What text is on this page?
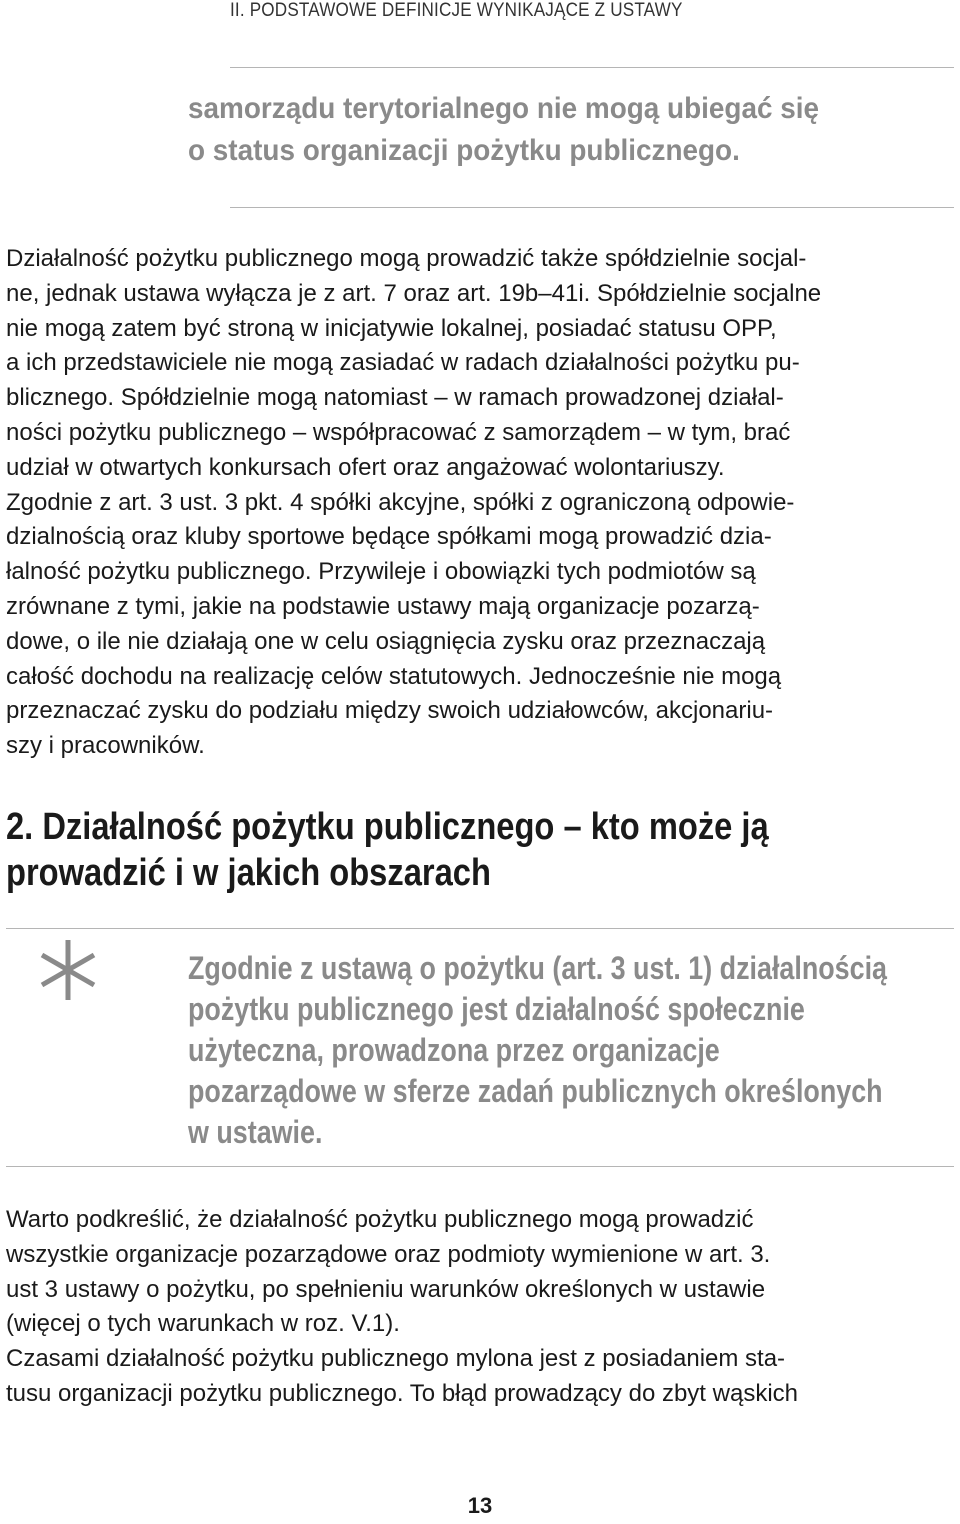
II. PODSTAWOWE DEFINICJE WYNIKAJĄCE Z USTAWY
samorządu terytorialnego nie mogą ubiegać się
o status organizacji pożytku publicznego.
Działalność pożytku publicznego mogą prowadzić także spółdzielnie socjal-
ne, jednak ustawa wyłącza je z art. 7 oraz art. 19b–41i. Spółdzielnie socjalne
nie mogą zatem być stroną w inicjatywie lokalnej, posiadać statusu OPP,
a ich przedstawiciele nie mogą zasiadać w radach działalności pożytku pu-
blicznego. Spółdzielnie mogą natomiast – w ramach prowadzonej działal-
ności pożytku publicznego – współpracować z samorządem – w tym, brać
udział w otwartych konkursach ofert oraz angażować wolontariuszy.
Zgodnie z art. 3 ust. 3 pkt. 4 spółki akcyjne, spółki z ograniczoną odpowie-
dzialnością oraz kluby sportowe będące spółkami mogą prowadzić dzia-
łalność pożytku publicznego. Przywileje i obowiązki tych podmiotów są
zrównane z tymi, jakie na podstawie ustawy mają organizacje pozarzą-
dowe, o ile nie działają one w celu osiągnięcia zysku oraz przeznaczają
całość dochodu na realizację celów statutowych. Jednocześnie nie mogą
przeznaczać zysku do podziału między swoich udziałowców, akcjonariu-
szy i pracowników.
2. Działalność pożytku publicznego – kto może ją
prowadzić i w jakich obszarach
Zgodnie z ustawą o pożytku (art. 3 ust. 1) działalnością
pożytku publicznego jest działalność społecznie
użyteczna, prowadzona przez organizacje
pozarządowe w sferze zadań publicznych określonych
w ustawie.
Warto podkreślić, że działalność pożytku publicznego mogą prowadzić
wszystkie organizacje pozarządowe oraz podmioty wymienione w art. 3.
ust 3 ustawy o pożytku, po spełnieniu warunków określonych w ustawie
(więcej o tych warunkach w roz. V.1).
Czasami działalność pożytku publicznego mylona jest z posiadaniem sta-
tusu organizacji pożytku publicznego. To błąd prowadzący do zbyt wąskich
13
